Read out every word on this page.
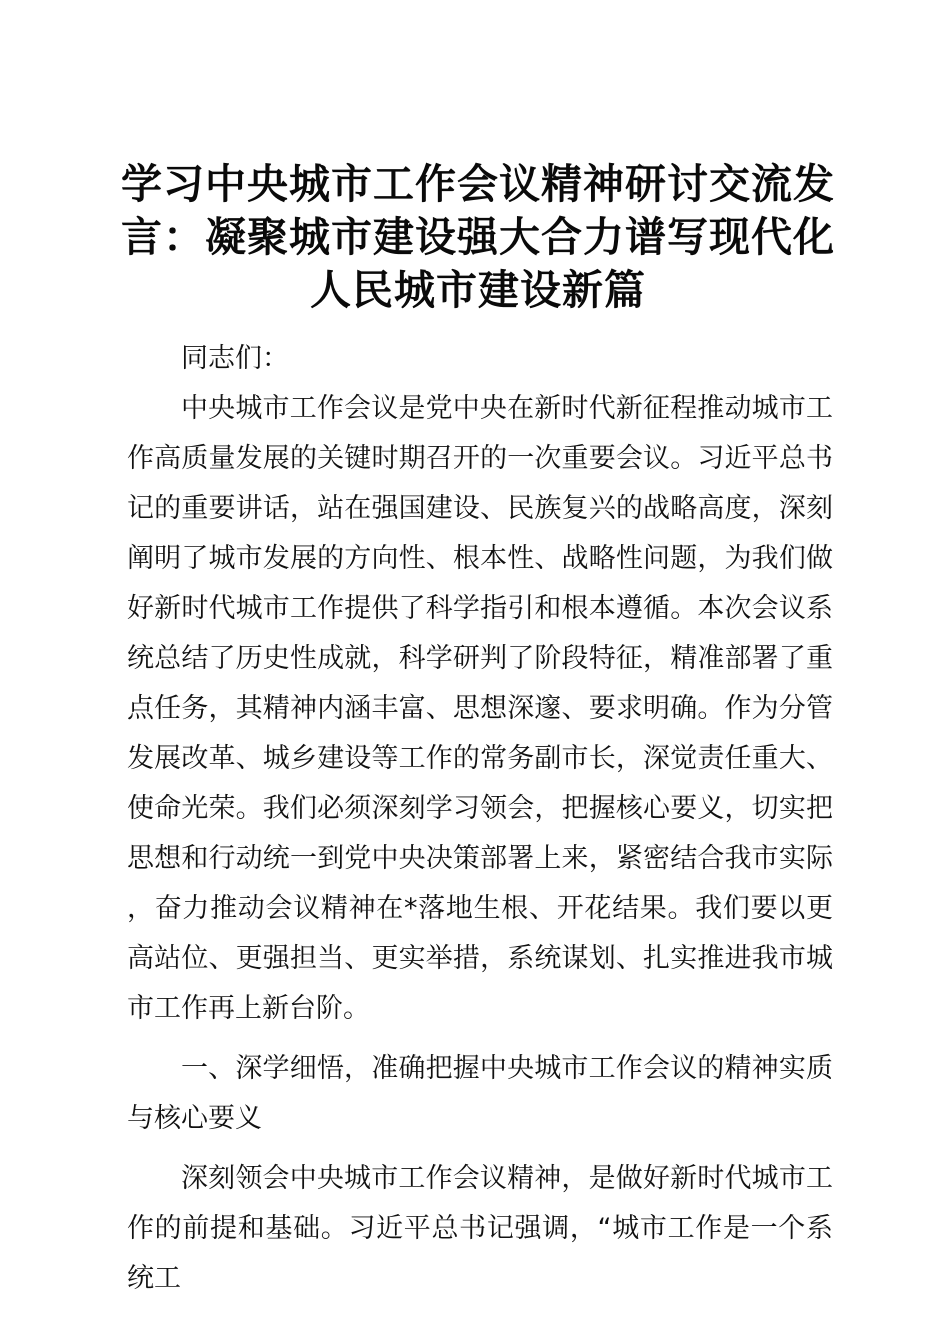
学习中央城市工作会议精神研讨交流发言：凝聚城市建设强大合力谱写现代化人民城市建设新篇

同志们：

中央城市工作会议是党中央在新时代新征程推动城市工作高质量发展的关键时期召开的一次重要会议。习近平总书记的重要讲话，站在强国建设、民族复兴的战略高度，深刻阐明了城市发展的方向性、根本性、战略性问题，为我们做好新时代城市工作提供了科学指引和根本遵循。本次会议系统总结了历史性成就，科学研判了阶段特征，精准部署了重点任务，其精神内涵丰富、思想深邃、要求明确。作为分管发展改革、城乡建设等工作的常务副市长，深觉责任重大、使命光荣。我们必须深刻学习领会，把握核心要义，切实把思想和行动统一到党中央决策部署上来，紧密结合我市实际，奋力推动会议精神在*落地生根、开花结果。我们要以更高站位、更强担当、更实举措，系统谋划、扎实推进我市城市工作再上新台阶。

一、深学细悟，准确把握中央城市工作会议的精神实质与核心要义

深刻领会中央城市工作会议精神，是做好新时代城市工作的前提和基础。习近平总书记强调，“城市工作是一个系统工
